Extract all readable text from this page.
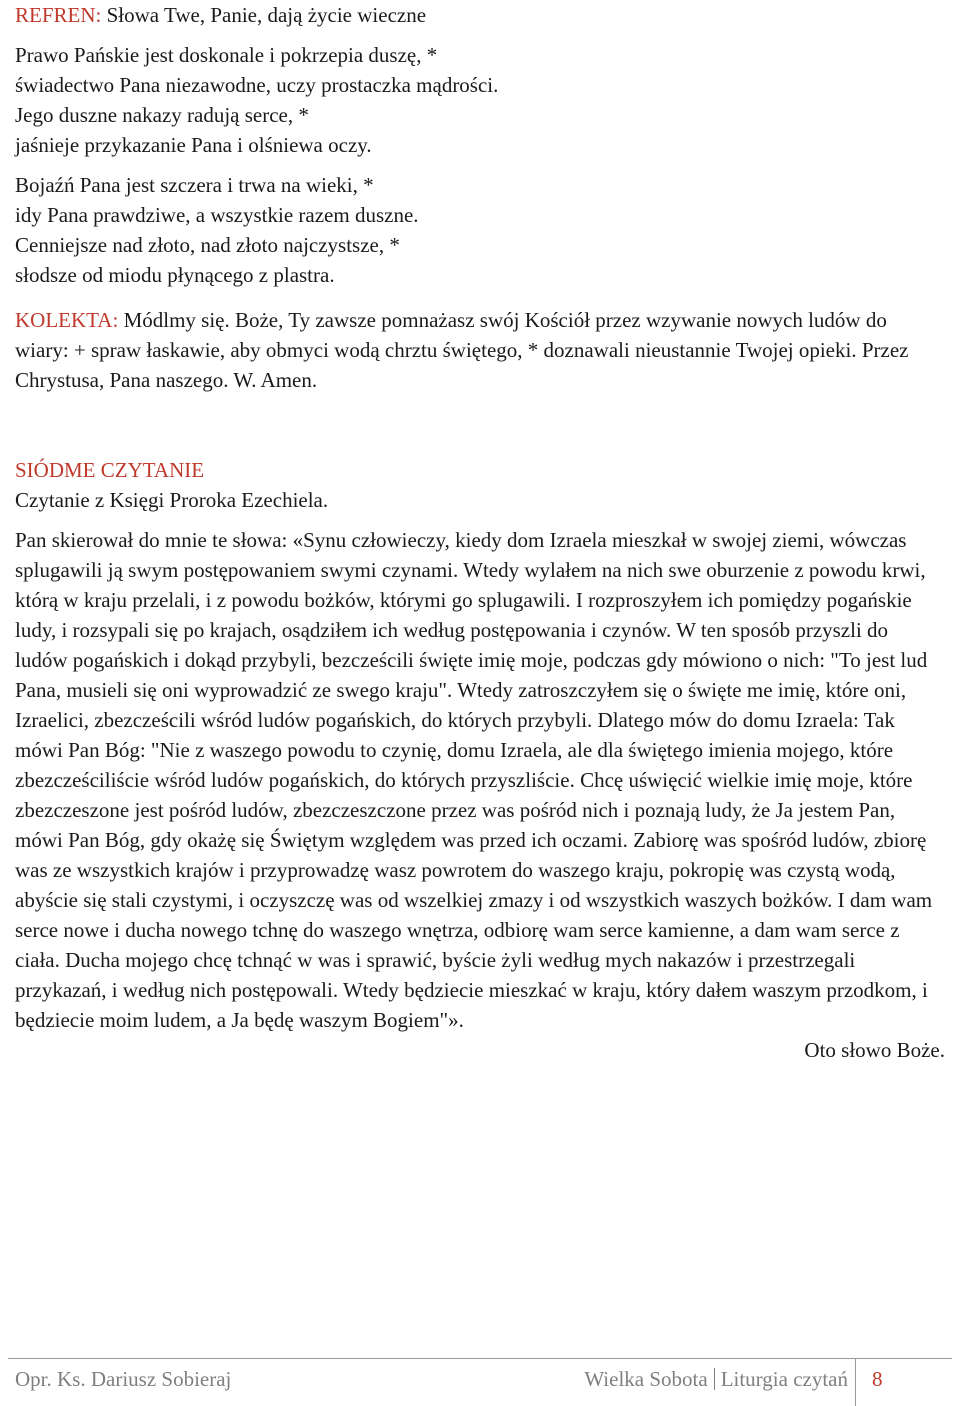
REFREN: Słowa Twe, Panie, dają życie wieczne

Prawo Pańskie jest doskonale i pokrzepia duszę, *

świadectwo Pana niezawodne, uczy prostaczka mądrości.

Jego duszne nakazy radują serce, *

jaśnieje przykazanie Pana i olśniewa oczy.

Bojaźń Pana jest szczera i trwa na wieki, *

idy Pana prawdziwe, a wszystkie razem duszne.

Cenniejsze nad złoto, nad złoto najczystsze, *

słodsze od miodu płynącego z plastra.

KOLEKTA: Módlmy się. Boże, Ty zawsze pomnażasz swój Kościół przez wzywanie nowych ludów do wiary: + spraw łaskawie, aby obmyci wodą chrztu świętego, * doznawali nieustannie Twojej opieki. Przez Chrystusa, Pana naszego. W. Amen.

SIÓDME CZYTANIE

Czytanie z Księgi Proroka Ezechiela.

Pan skierował do mnie te słowa: «Synu człowieczy, kiedy dom Izraela mieszkał w swojej ziemi, wówczas splugawili ją swym postępowaniem swymi czynami. Wtedy wylałem na nich swe oburzenie z powodu krwi, którą w kraju przelali, i z powodu bożków, którymi go splugawili. I rozproszyłem ich pomiędzy pogańskie ludy, i rozsypali się po krajach, osądziłem ich według postępowania i czynów. W ten sposób przyszli do ludów pogańskich i dokąd przybyli, bezcześcili święte imię moje, podczas gdy mówiono o nich: "To jest lud Pana, musieli się oni wyprowadzić ze swego kraju". Wtedy zatroszczyłem się o święte me imię, które oni, Izraelici, zbezcześcili wśród ludów pogańskich, do których przybyli. Dlatego mów do domu Izraela: Tak mówi Pan Bóg: "Nie z waszego powodu to czynię, domu Izraela, ale dla świętego imienia mojego, które zbezcześciliście wśród ludów pogańskich, do których przyszliście. Chcę uświęcić wielkie imię moje, które zbezczeszone jest pośród ludów, zbezczeszczone przez was pośród nich i poznają ludy, że Ja jestem Pan, mówi Pan Bóg, gdy okażę się Świętym względem was przed ich oczami. Zabiorę was spośród ludów, zbiorę was ze wszystkich krajów i przyprowadzę wasz powrotem do waszego kraju, pokropię was czystą wodą, abyście się stali czystymi, i oczyszczę was od wszelkiej zmazy i od wszystkich waszych bożków. I dam wam serce nowe i ducha nowego tchnę do waszego wnętrza, odbiorę wam serce kamienne, a dam wam serce z ciała. Ducha mojego chcę tchnąć w was i sprawić, byście żyli według mych nakazów i przestrzegali przykazań, i według nich postępowali. Wtedy będziecie mieszkać w kraju, który dałem waszym przodkom, i będziecie moim ludem, a Ja będę waszym Bogiem"».

Oto słowo Boże.

Opr. Ks. Dariusz Sobieraj	Wielka Sobota Liturgia czytań 8
